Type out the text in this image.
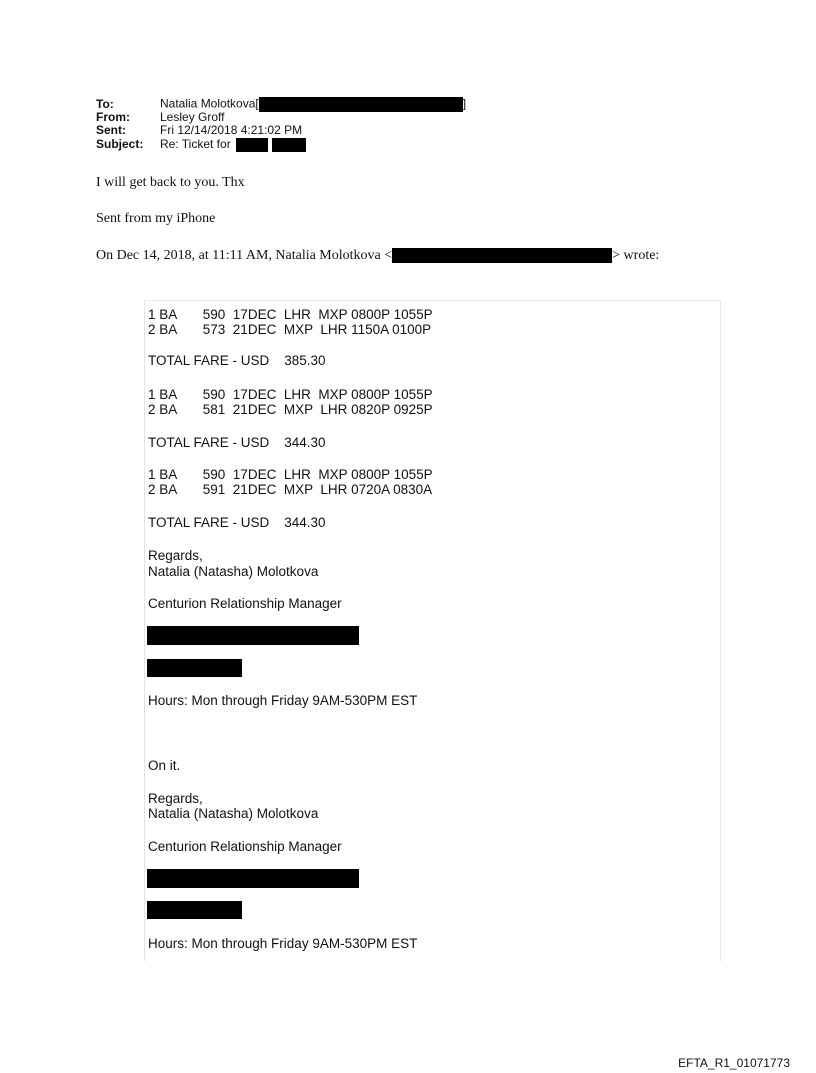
To:	Natalia Molotkova[	]
From:	Lesley Groff
Sent:	Fri 12/14/2018 4:21:02 PM
Subject: Re: Ticket for
I will get back to you. Thx
Sent from my iPhone
On Dec 14, 2018, at 11:11 AM, Natalia Molotkova <	> wrote:
1 BA       590  17DEC  LHR  MXP 0800P 1055P
2 BA       573  21DEC  MXP  LHR 1150A 0100P
TOTAL FARE - USD    385.30
1 BA       590  17DEC  LHR  MXP 0800P 1055P
2 BA       581  21DEC  MXP  LHR 0820P 0925P
TOTAL FARE - USD    344.30
1 BA       590  17DEC  LHR  MXP 0800P 1055P
2 BA       591  21DEC  MXP  LHR 0720A 0830A
TOTAL FARE - USD    344.30
Regards,
Natalia (Natasha) Molotkova
Centurion Relationship Manager
Hours: Mon through Friday 9AM-530PM EST
On it.
Regards,
Natalia (Natasha) Molotkova
Centurion Relationship Manager
Hours: Mon through Friday 9AM-530PM EST
EFTA_R1_01071773
